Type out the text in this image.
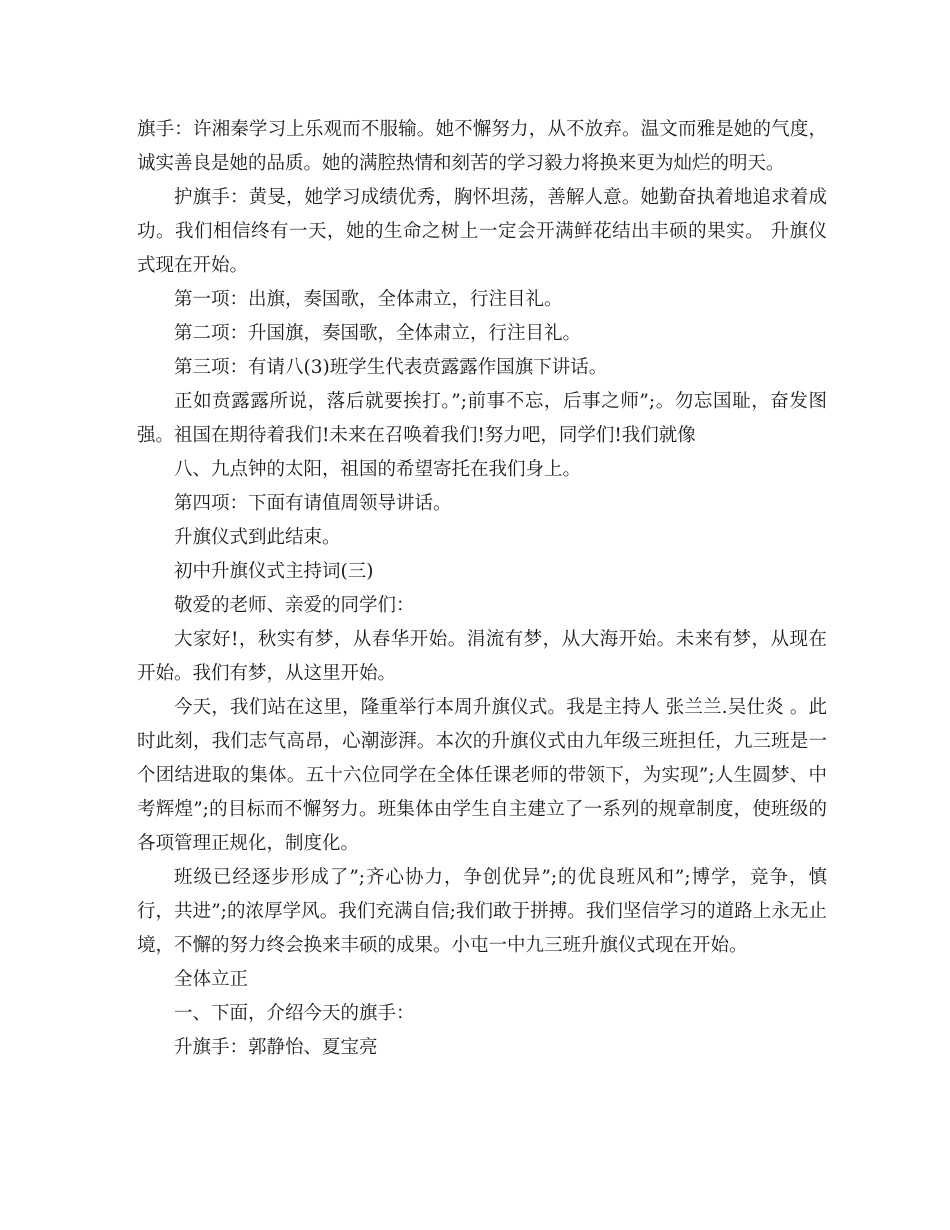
旗手：许湘秦学习上乐观而不服输。她不懈努力，从不放弃。温文而雅是她的气度，诚实善良是她的品质。她的满腔热情和刻苦的学习毅力将换来更为灿烂的明天。

护旗手：黄旻，她学习成绩优秀，胸怀坦荡，善解人意。她勤奋执着地追求着成功。我们相信终有一天，她的生命之树上一定会开满鲜花结出丰硕的果实。 升旗仪式现在开始。

第一项：出旗，奏国歌，全体肃立，行注目礼。

第二项：升国旗，奏国歌，全体肃立，行注目礼。

第三项：有请八(3)班学生代表贲露露作国旗下讲话。

正如贲露露所说，落后就要挨打。”;前事不忘，后事之师”;。勿忘国耻，奋发图强。祖国在期待着我们!未来在召唤着我们!努力吧，同学们!我们就像

八、九点钟的太阳，祖国的希望寄托在我们身上。

第四项：下面有请值周领导讲话。

升旗仪式到此结束。

初中升旗仪式主持词(三)

敬爱的老师、亲爱的同学们：

大家好!，秋实有梦，从春华开始。涓流有梦，从大海开始。未来有梦，从现在开始。我们有梦，从这里开始。

今天，我们站在这里，隆重举行本周升旗仪式。我是主持人 张兰兰.吴仕炎 。此时此刻，我们志气高昂，心潮澎湃。本次的升旗仪式由九年级三班担任，九三班是一个团结进取的集体。五十六位同学在全体任课老师的带领下，为实现”;人生圆梦、中考辉煌”;的目标而不懈努力。班集体由学生自主建立了一系列的规章制度，使班级的各项管理正规化，制度化。

班级已经逐步形成了”;齐心协力，争创优异”;的优良班风和”;博学，竞争，慎行，共进”;的浓厚学风。我们充满自信;我们敢于拼搏。我们坚信学习的道路上永无止境，不懈的努力终会换来丰硕的成果。小屯一中九三班升旗仪式现在开始。

全体立正

一、下面，介绍今天的旗手：

升旗手：郭静怡、夏宝亮
